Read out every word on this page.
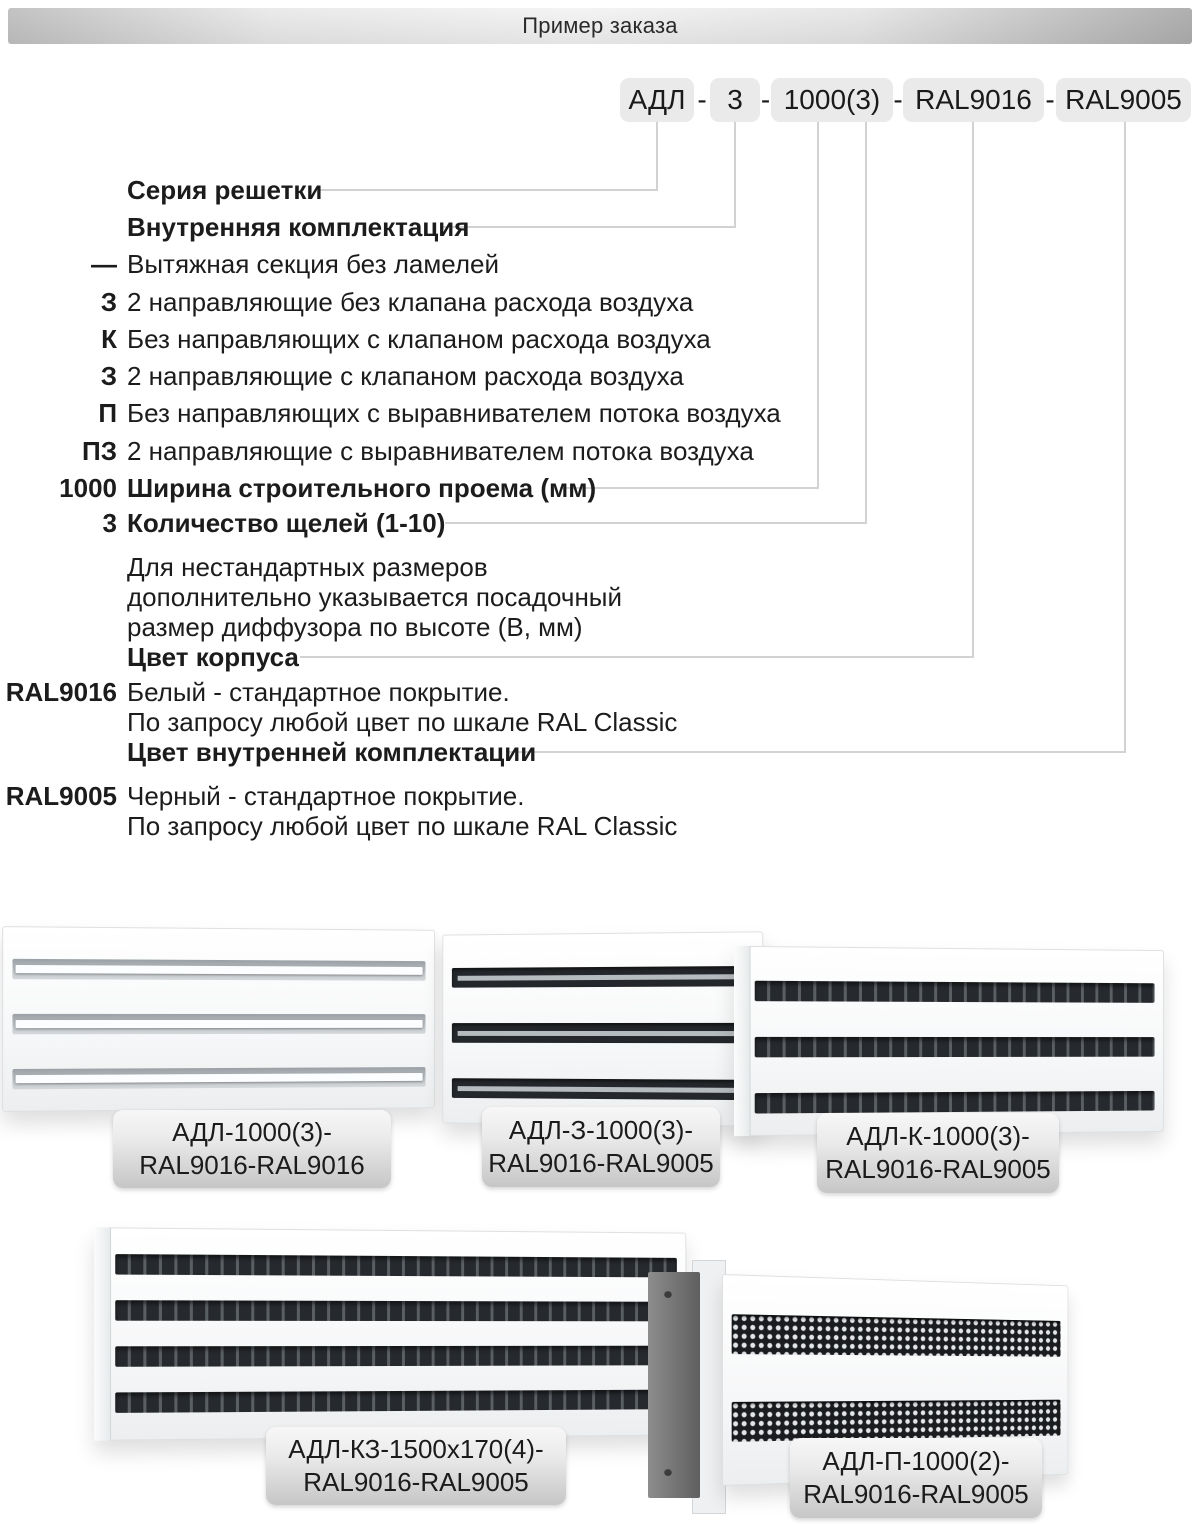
Пример заказа
АДЛ - 3 - 1000(3) - RAL9016 - RAL9005
Серия решетки
Внутренняя комплектация
— Вытяжная секция без ламелей
З 2 направляющие без клапана расхода воздуха
К Без направляющих с клапаном расхода воздуха
З 2 направляющие с клапаном расхода воздуха
П Без направляющих с выравнивателем потока воздуха
ПЗ 2 направляющие с выравнивателем потока воздуха
1000 Ширина строительного проема (мм)
3 Количество щелей (1-10)
Для нестандартных размеров
дополнительно указывается посадочный
размер диффузора по высоте (В, мм)
Цвет корпуса
RAL9016 Белый - стандартное покрытие.
По запросу любой цвет по шкале RAL Classic
Цвет внутренней комплектации
RAL9005 Черный - стандартное покрытие.
По запросу любой цвет по шкале RAL Classic
АДЛ-1000(3)-
RAL9016-RAL9016
АДЛ-З-1000(3)-
RAL9016-RAL9005
АДЛ-К-1000(3)-
RAL9016-RAL9005
АДЛ-КЗ-1500х170(4)-
RAL9016-RAL9005
АДЛ-П-1000(2)-
RAL9016-RAL9005
